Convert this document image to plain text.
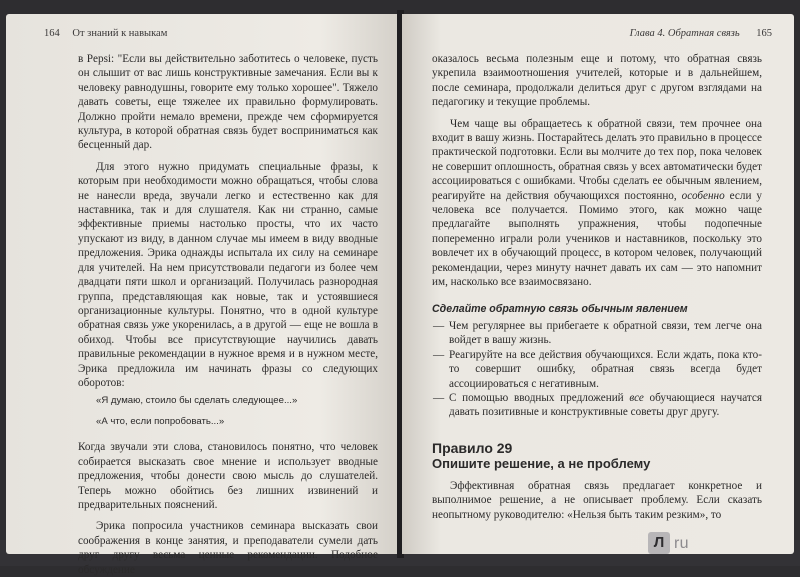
164 От знаний к навыкам

в Pepsi: "Если вы действительно заботитесь о человеке, пусть он слышит от вас лишь конструктивные замечания. Если вы к человеку равнодушны, говорите ему только хорошее". Тяжело давать советы, еще тяжелее их правильно формулировать. Должно пройти немало времени, прежде чем сформируется культура, в которой обратная связь будет восприниматься как бесценный дар.

Для этого нужно придумать специальные фразы, к которым при необходимости можно обращаться, чтобы слова не нанесли вреда, звучали легко и естественно как для наставника, так и для слушателя. Как ни странно, самые эффективные приемы настолько просты, что их часто упускают из виду, в данном случае мы имеем в виду вводные предложения. Эрика однажды испытала их силу на семинаре для учителей. На нем присутствовали педагоги из более чем двадцати пяти школ и организаций. Получилась разнородная группа, представляющая как новые, так и устоявшиеся организационные культуры. Понятно, что в одной культуре обратная связь уже укоренилась, а в другой — еще не вошла в обиход. Чтобы все присутствующие научились давать правильные рекомендации в нужное время и в нужном месте, Эрика предложила им начинать фразы со следующих оборотов:

«Я думаю, стоило бы сделать следующее...»
«А что, если попробовать...»

Когда звучали эти слова, становилось понятно, что человек собирается высказать свое мнение и использует вводные предложения, чтобы донести свою мысль до слушателей. Теперь можно обойтись без лишних извинений и предварительных пояснений.

Эрика попросила участников семинара высказать свои соображения в конце занятия, и преподаватели сумели дать друг другу весьма ценные рекомендации. Подобное обсуждение

Глава 4. Обратная связь 165

оказалось весьма полезным еще и потому, что обратная связь укрепила взаимоотношения учителей, которые и в дальнейшем, после семинара, продолжали делиться друг с другом взглядами на педагогику и текущие проблемы.

Чем чаще вы обращаетесь к обратной связи, тем прочнее она входит в вашу жизнь. Постарайтесь делать это правильно в процессе практической подготовки. Если вы молчите до тех пор, пока человек не совершит оплошность, обратная связь у всех автоматически будет ассоциироваться с ошибками. Чтобы сделать ее обычным явлением, реагируйте на действия обучающихся постоянно, особенно если у человека все получается. Помимо этого, как можно чаще предлагайте выполнять упражнения, чтобы подопечные попеременно играли роли учеников и наставников, поскольку это вовлечет их в обучающий процесс, в котором человек, получающий рекомендации, через минуту начнет давать их сам — это напомнит им, насколько все взаимосвязано.

Сделайте обратную связь обычным явлением
— Чем регулярнее вы прибегаете к обратной связи, тем легче она войдет в вашу жизнь.
— Реагируйте на все действия обучающихся. Если ждать, пока кто-то совершит ошибку, обратная связь всегда будет ассоциироваться с негативным.
— С помощью вводных предложений все обучающиеся научатся давать позитивные и конструктивные советы друг другу.
Правило 29
Опишите решение, а не проблему

Эффективная обратная связь предлагает конкретное и выполнимое решение, а не описывает проблему. Если сказать неопытному руководителю: «Нельзя быть таким резким», то

Л ru
